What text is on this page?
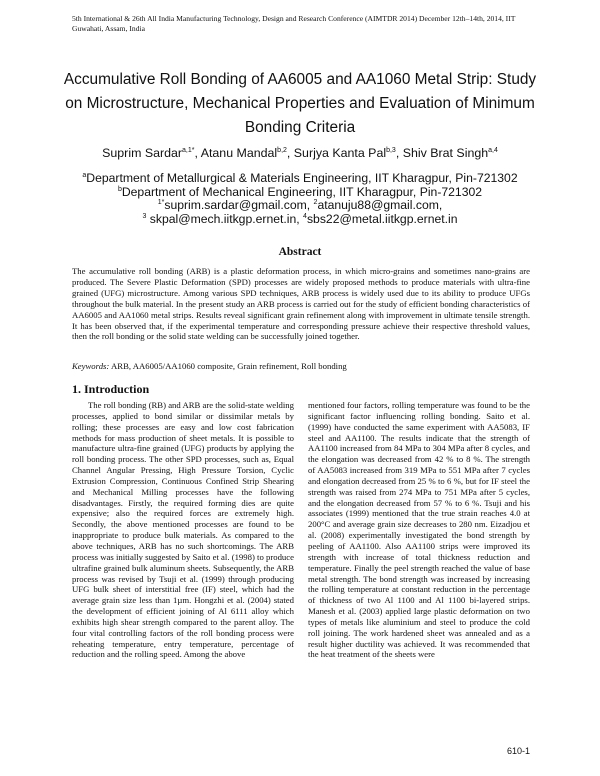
5th International & 26th All India Manufacturing Technology, Design and Research Conference (AIMTDR 2014) December 12th–14th, 2014, IIT Guwahati, Assam, India
Accumulative Roll Bonding of AA6005 and AA1060 Metal Strip: Study on Microstructure, Mechanical Properties and Evaluation of Minimum Bonding Criteria
Suprim Sardar$^{a,1*}$, Atanu Mandal$^{b,2}$, Surjya Kanta Pal$^{b,3}$, Shiv Brat Singh$^{a,4}$
$^a$Department of Metallurgical & Materials Engineering, IIT Kharagpur, Pin-721302
$^b$Department of Mechanical Engineering, IIT Kharagpur, Pin-721302
$^{1*}$suprim.sardar@gmail.com, $^2$atanuju88@gmail.com,
$^3$ skpal@mech.iitkgp.ernet.in, $^4$sbs22@metal.iitkgp.ernet.in
Abstract
The accumulative roll bonding (ARB) is a plastic deformation process, in which micro-grains and sometimes nano-grains are produced. The Severe Plastic Deformation (SPD) processes are widely proposed methods to produce materials with ultra-fine grained (UFG) microstructure. Among various SPD techniques, ARB process is widely used due to its ability to produce UFGs throughout the bulk material. In the present study an ARB process is carried out for the study of efficient bonding characteristics of AA6005 and AA1060 metal strips. Results reveal significant grain refinement along with improvement in ultimate tensile strength. It has been observed that, if the experimental temperature and corresponding pressure achieve their respective threshold values, then the roll bonding or the solid state welding can be successfully joined together.
Keywords: ARB, AA6005/AA1060 composite, Grain refinement, Roll bonding
1. Introduction
The roll bonding (RB) and ARB are the solid-state welding processes, applied to bond similar or dissimilar metals by rolling; these processes are easy and low cost fabrication methods for mass production of sheet metals. It is possible to manufacture ultra-fine grained (UFG) products by applying the roll bonding process. The other SPD processes, such as, Equal Channel Angular Pressing, High Pressure Torsion, Cyclic Extrusion Compression, Continuous Confined Strip Shearing and Mechanical Milling processes have the following disadvantages. Firstly, the required forming dies are quite expensive; also the required forces are extremely high. Secondly, the above mentioned processes are found to be inappropriate to produce bulk materials. As compared to the above techniques, ARB has no such shortcomings. The ARB process was initially suggested by Saito et al. (1998) to produce ultrafine grained bulk aluminum sheets. Subsequently, the ARB process was revised by Tsuji et al. (1999) through producing UFG bulk sheet of interstitial free (IF) steel, which had the average grain size less than 1µm. Hongzhi et al. (2004) stated the development of efficient joining of Al 6111 alloy which exhibits high shear strength compared to the parent alloy. The four vital controlling factors of the roll bonding process were reheating temperature, entry temperature, percentage of reduction and the rolling speed. Among the above
mentioned four factors, rolling temperature was found to be the significant factor influencing rolling bonding. Saito et al. (1999) have conducted the same experiment with AA5083, IF steel and AA1100. The results indicate that the strength of AA1100 increased from 84 MPa to 304 MPa after 8 cycles, and the elongation was decreased from 42 % to 8 %. The strength of AA5083 increased from 319 MPa to 551 MPa after 7 cycles and elongation decreased from 25 % to 6 %, but for IF steel the strength was raised from 274 MPa to 751 MPa after 5 cycles, and the elongation decreased from 57 % to 6 %. Tsuji and his associates (1999) mentioned that the true strain reaches 4.0 at 200°C and average grain size decreases to 280 nm. Eizadjou et al. (2008) experimentally investigated the bond strength by peeling of AA1100. Also AA1100 strips were improved its strength with increase of total thickness reduction and temperature. Finally the peel strength reached the value of base metal strength. The bond strength was increased by increasing the rolling temperature at constant reduction in the percentage of thickness of two Al 1100 and Al 1100 bi-layered strips. Manesh et al. (2003) applied large plastic deformation on two types of metals like aluminium and steel to produce the cold roll joining. The work hardened sheet was annealed and as a result higher ductility was achieved. It was recommended that the heat treatment of the sheets were
610-1
